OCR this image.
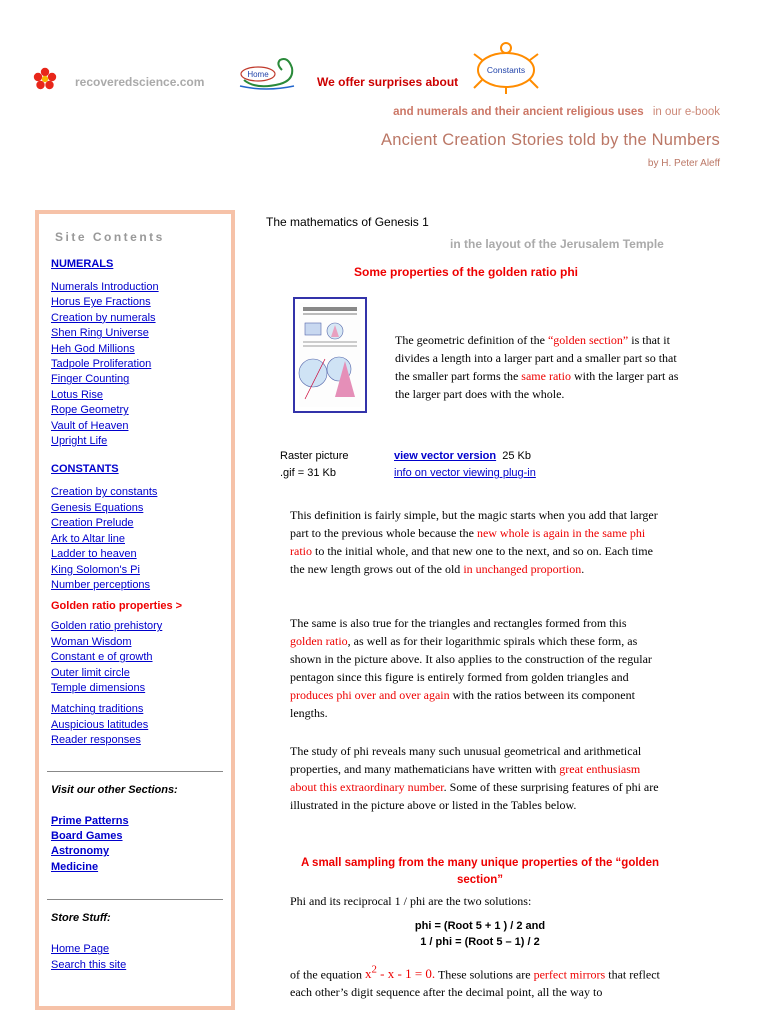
recoveredscience.com
Home
We offer surprises about
Constants
and numerals and their ancient religious uses in our e-book
Ancient Creation Stories told by the Numbers
by H. Peter Aleff
Site Contents
NUMERALS
Numerals Introduction
Horus Eye Fractions
Creation by numerals
Shen Ring Universe
Heh God Millions
Tadpole Proliferation
Finger Counting
Lotus Rise
Rope Geometry
Vault of Heaven
Upright Life
CONSTANTS
Creation by constants
Genesis Equations
Creation Prelude
Ark to Altar line
Ladder to heaven
King Solomon's Pi
Number perceptions
Golden ratio properties >
Golden ratio prehistory
Woman Wisdom
Constant e of growth
Outer limit circle
Temple dimensions
Matching traditions
Auspicious latitudes
Reader responses
Visit our other Sections:
Prime Patterns
Board Games
Astronomy
Medicine
Store Stuff:
Home Page
Search this site
The mathematics of Genesis 1
in the layout of the Jerusalem Temple
Some properties of the golden ratio phi
The geometric definition of the “golden section” is that it divides a length into a larger part and a smaller part so that the smaller part forms the same ratio with the larger part as the larger part does with the whole.
Raster picture
.gif = 31 Kb
view vector version 25 Kb
info on vector viewing plug-in
This definition is fairly simple, but the magic starts when you add that larger part to the previous whole because the new whole is again in the same phi ratio to the initial whole, and that new one to the next, and so on. Each time the new length grows out of the old in unchanged proportion.
The same is also true for the triangles and rectangles formed from this golden ratio, as well as for their logarithmic spirals which these form, as shown in the picture above. It also applies to the construction of the regular pentagon since this figure is entirely formed from golden triangles and produces phi over and over again with the ratios between its component lengths.
The study of phi reveals many such unusual geometrical and arithmetical properties, and many mathematicians have written with great enthusiasm about this extraordinary number. Some of these surprising features of phi are illustrated in the picture above or listed in the Tables below.
A small sampling from the many unique properties of the “golden section”
Phi and its reciprocal 1 / phi are the two solutions:
phi = (Root 5 + 1 ) / 2 and
1 / phi = (Root 5 – 1) / 2
of the equation $x^2 - x - 1 = 0$. These solutions are perfect mirrors that reflect each other’s digit sequence after the decimal point, all the way to
